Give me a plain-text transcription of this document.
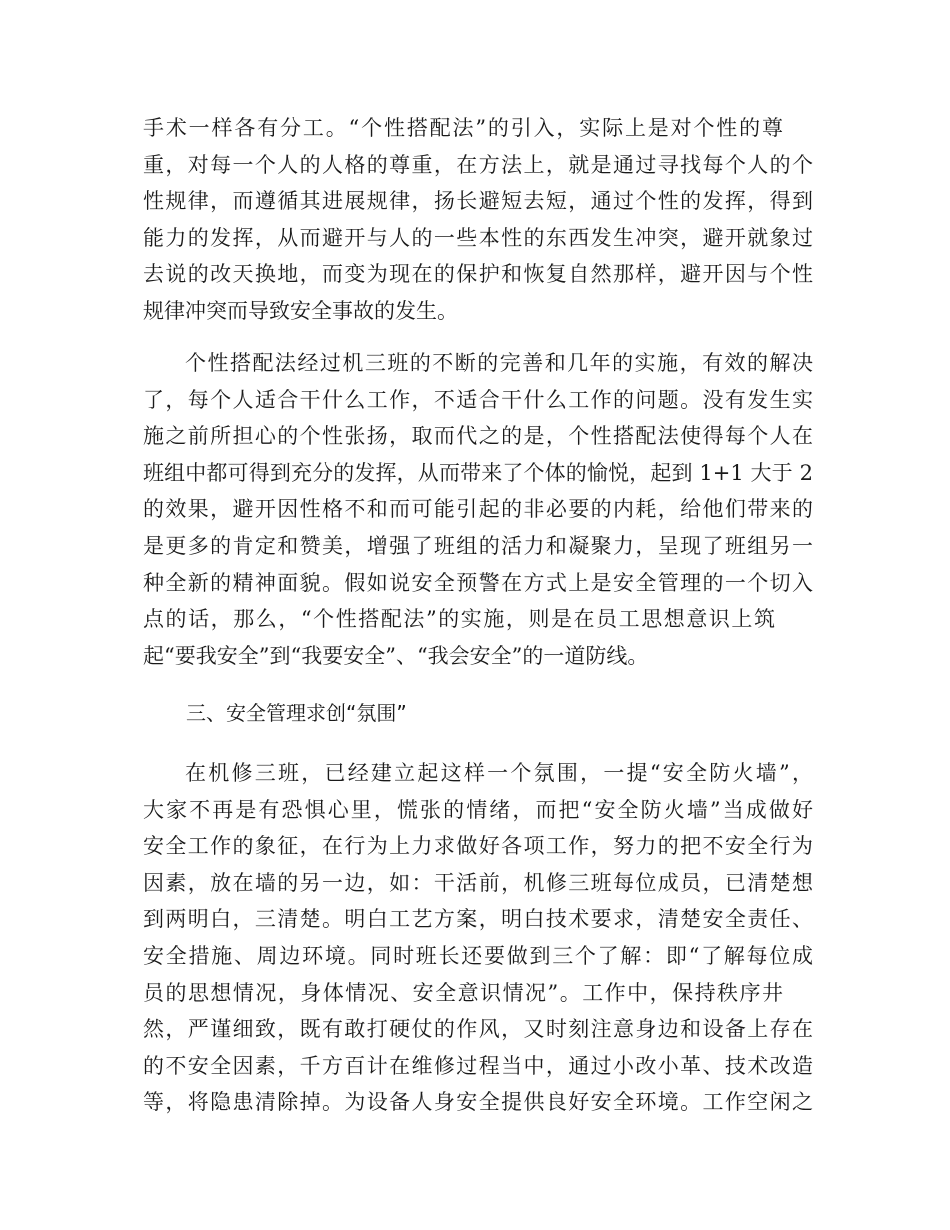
手术一样各有分工。“个性搭配法”的引入，实际上是对个性的尊
重，对每一个人的人格的尊重，在方法上，就是通过寻找每个人的个
性规律，而遵循其进展规律，扬长避短去短，通过个性的发挥，得到
能力的发挥，从而避开与人的一些本性的东西发生冲突，避开就象过
去说的改天换地，而变为现在的保护和恢复自然那样，避开因与个性
规律冲突而导致安全事故的发生。
个性搭配法经过机三班的不断的完善和几年的实施，有效的解决
了，每个人适合干什么工作，不适合干什么工作的问题。没有发生实
施之前所担心的个性张扬，取而代之的是，个性搭配法使得每个人在
班组中都可得到充分的发挥，从而带来了个体的愉悦，起到 1+1 大于 2
的效果，避开因性格不和而可能引起的非必要的内耗，给他们带来的
是更多的肯定和赞美，增强了班组的活力和凝聚力，呈现了班组另一
种全新的精神面貌。假如说安全预警在方式上是安全管理的一个切入
点的话，那么，“个性搭配法”的实施，则是在员工思想意识上筑
起“要我安全”到“我要安全”、“我会安全”的一道防线。
三、安全管理求创“氛围”
在机修三班，已经建立起这样一个氛围，一提“安全防火墙”，
大家不再是有恐惧心里，慌张的情绪，而把“安全防火墙”当成做好
安全工作的象征，在行为上力求做好各项工作，努力的把不安全行为
因素，放在墙的另一边，如：干活前，机修三班每位成员，已清楚想
到两明白，三清楚。明白工艺方案，明白技术要求，清楚安全责任、
安全措施、周边环境。同时班长还要做到三个了解：即“了解每位成
员的思想情况，身体情况、安全意识情况”。工作中，保持秩序井
然，严谨细致，既有敢打硬仗的作风，又时刻注意身边和设备上存在
的不安全因素，千方百计在维修过程当中，通过小改小革、技术改造
等，将隐患清除掉。为设备人身安全提供良好安全环境。工作空闲之
